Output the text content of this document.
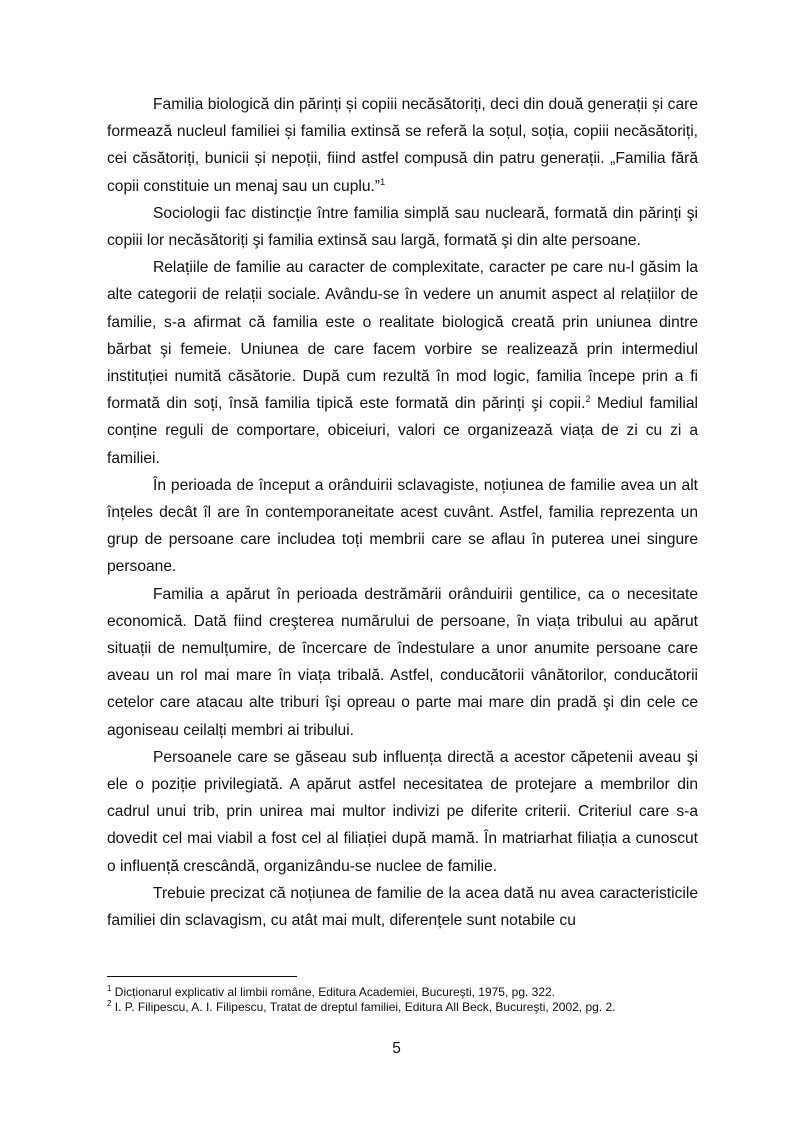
Familia biologică din părinți și copiii necăsătoriți, deci din două generații și care formează nucleul familiei și familia extinsă se referă la soțul, soția, copiii necăsătoriți, cei căsătoriți, bunicii și nepoții, fiind astfel compusă din patru generații. „Familia fără copii constituie un menaj sau un cuplu.”$^1$

Sociologii fac distincție între familia simplă sau nucleară, formată din părinți şi copiii lor necăsătoriți şi familia extinsă sau largă, formată şi din alte persoane.

Relațiile de familie au caracter de complexitate, caracter pe care nu-l găsim la alte categorii de relații sociale. Avându-se în vedere un anumit aspect al relațiilor de familie, s-a afirmat că familia este o realitate biologică creată prin uniunea dintre bărbat şi femeie. Uniunea de care facem vorbire se realizează prin intermediul instituției numită căsătorie. După cum rezultă în mod logic, familia începe prin a fi formată din soți, însă familia tipică este formată din părinți şi copii.$^2$ Mediul familial conține reguli de comportare, obiceiuri, valori ce organizează viața de zi cu zi a familiei.

În perioada de început a orânduirii sclavagiste, noțiunea de familie avea un alt înțeles decât îl are în contemporaneitate acest cuvânt. Astfel, familia reprezenta un grup de persoane care includea toți membrii care se aflau în puterea unei singure persoane.

Familia a apărut în perioada destrămării orânduirii gentilice, ca o necesitate economică. Dată fiind creşterea numărului de persoane, în viața tribului au apărut situații de nemulțumire, de încercare de îndestulare a unor anumite persoane care aveau un rol mai mare în viața tribală. Astfel, conducătorii vânătorilor, conducătorii cetelor care atacau alte triburi îşi opreau o parte mai mare din pradă şi din cele ce agoniseau ceilalți membri ai tribului.

Persoanele care se găseau sub influența directă a acestor căpetenii aveau şi ele o poziție privilegiată. A apărut astfel necesitatea de protejare a membrilor din cadrul unui trib, prin unirea mai multor indivizi pe diferite criterii. Criteriul care s-a dovedit cel mai viabil a fost cel al filiației după mamă. În matriarhat filiația a cunoscut o influență crescândă, organizându-se nuclee de familie.

Trebuie precizat că noțiunea de familie de la acea dată nu avea caracteristicile familiei din sclavagism, cu atât mai mult, diferențele sunt notabile cu

$^1$ Dicționarul explicativ al limbii române, Editura Academiei, Bucureşti, 1975, pg. 322.
$^2$ I. P. Filipescu, A. I. Filipescu, Tratat de dreptul familiei, Editura All Beck, Bucureşti, 2002, pg. 2.
5
